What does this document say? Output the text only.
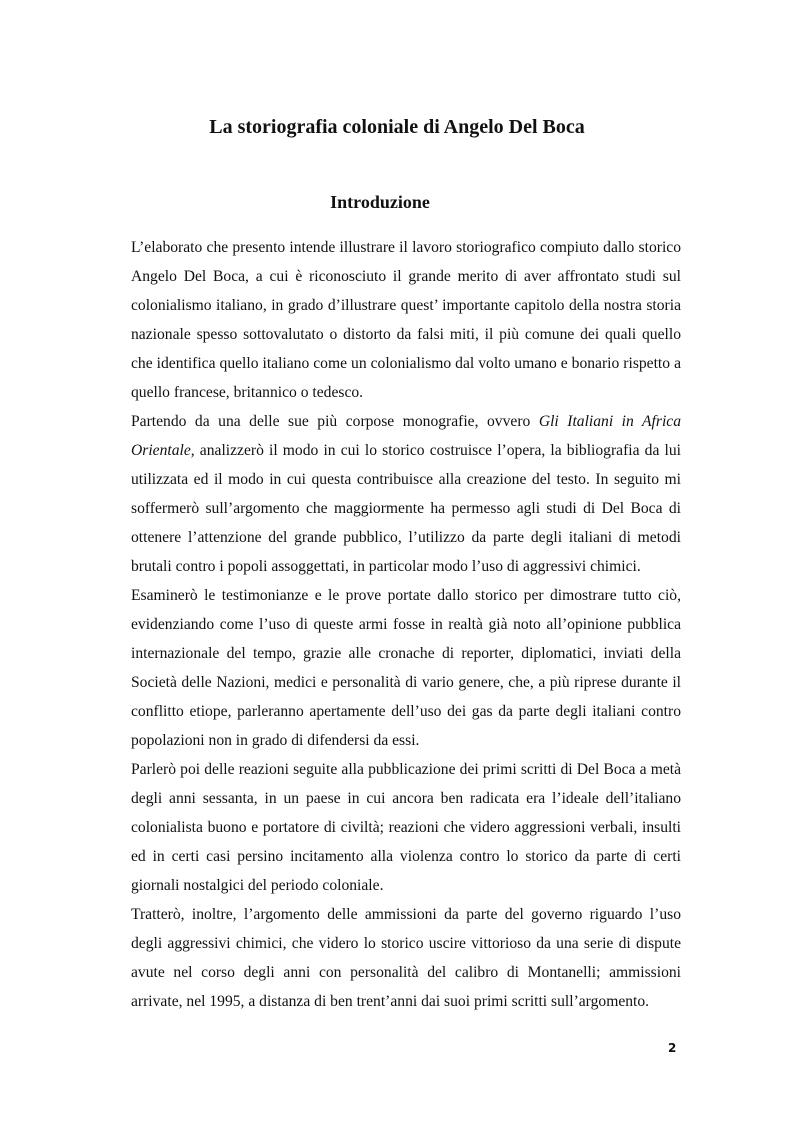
La storiografia coloniale di Angelo Del Boca
Introduzione

L’elaborato che presento intende illustrare il lavoro storiografico compiuto dallo storico Angelo Del Boca, a cui è riconosciuto il grande merito di aver affrontato studi sul colonialismo italiano, in grado d’illustrare quest’ importante capitolo della nostra storia nazionale spesso sottovalutato o distorto da falsi miti, il più comune dei quali quello che identifica quello italiano come un colonialismo dal volto umano e bonario rispetto a quello francese, britannico o tedesco.

Partendo da una delle sue più corpose monografie, ovvero Gli Italiani in Africa Orientale, analizzerò il modo in cui lo storico costruisce l’opera, la bibliografia da lui utilizzata ed il modo in cui questa contribuisce alla creazione del testo. In seguito mi soffermerò sull’argomento che maggiormente ha permesso agli studi di Del Boca di ottenere l’attenzione del grande pubblico, l’utilizzo da parte degli italiani di metodi brutali contro i popoli assoggettati, in particolar modo l’uso di aggressivi chimici.

Esaminerò le testimonianze e le prove portate dallo storico per dimostrare tutto ciò, evidenziando come l’uso di queste armi fosse in realtà già noto all’opinione pubblica internazionale del tempo, grazie alle cronache di reporter, diplomatici, inviati della Società delle Nazioni, medici e personalità di vario genere, che, a più riprese durante il conflitto etiope, parleranno apertamente dell’uso dei gas da parte degli italiani contro popolazioni non in grado di difendersi da essi.

Parlerò poi delle reazioni seguite alla pubblicazione dei primi scritti di Del Boca a metà degli anni sessanta, in un paese in cui ancora ben radicata era l’ideale dell’italiano colonialista buono e portatore di civiltà; reazioni che videro aggressioni verbali, insulti ed in certi casi persino incitamento alla violenza contro lo storico da parte di certi giornali nostalgici del periodo coloniale.

Tratterò, inoltre, l’argomento delle ammissioni da parte del governo riguardo l’uso degli aggressivi chimici, che videro lo storico uscire vittorioso da una serie di dispute avute nel corso degli anni con personalità del calibro di Montanelli; ammissioni arrivate, nel 1995, a distanza di ben trent’anni dai suoi primi scritti sull’argomento.

2
